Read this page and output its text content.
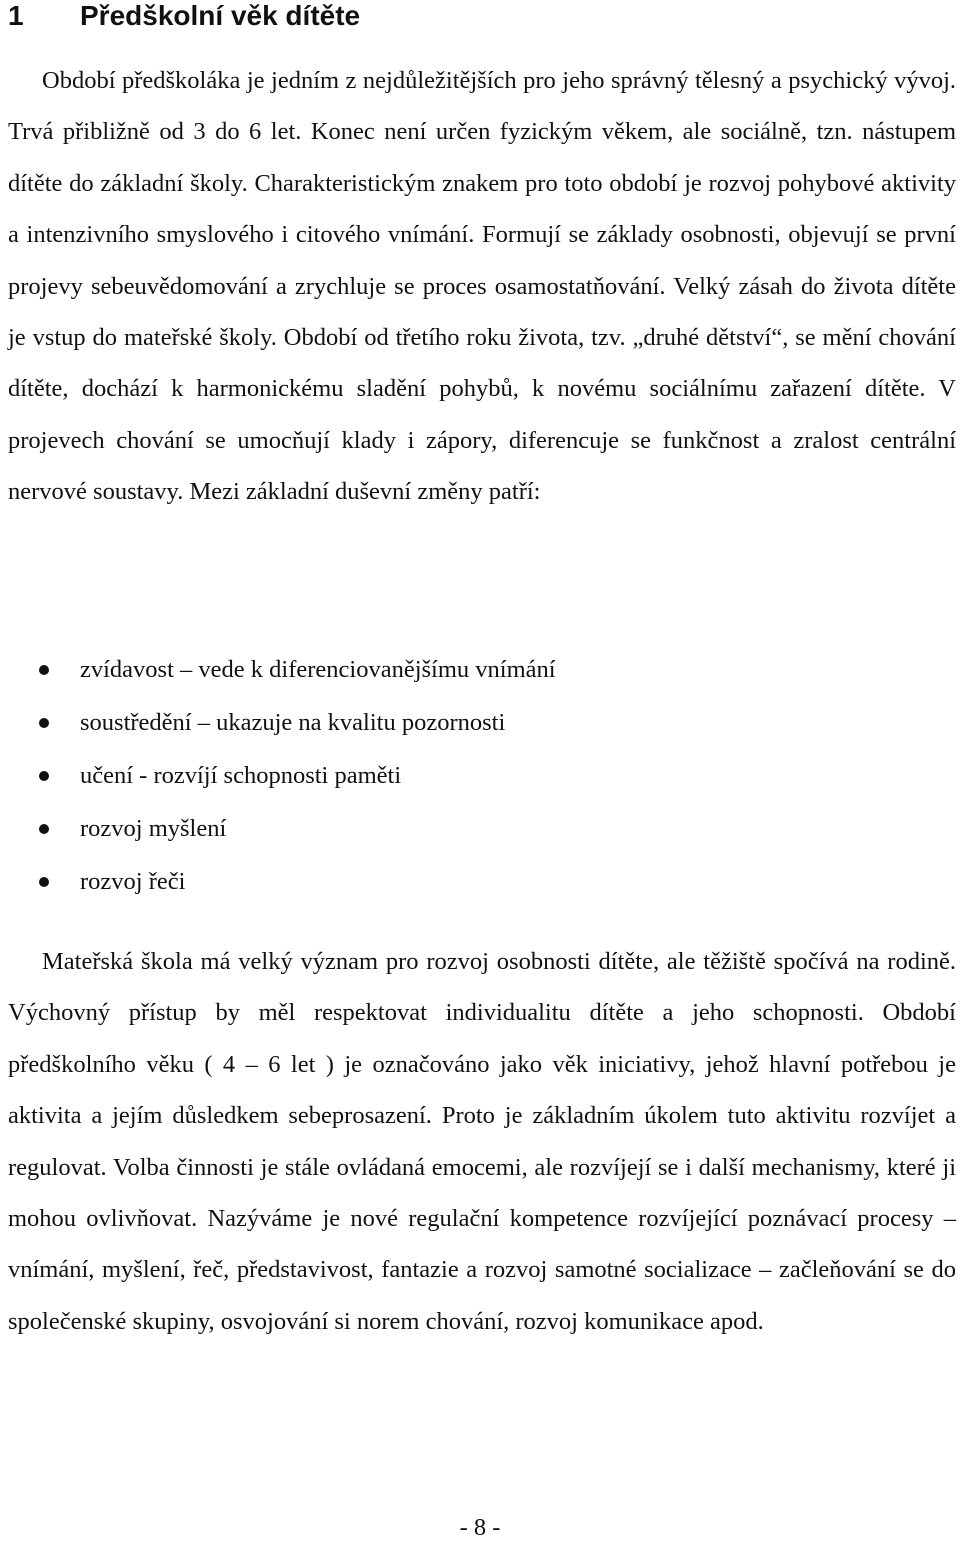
1 Předškolní věk dítěte

Období předškoláka je jedním z nejdůležitějších pro jeho správný tělesný a psychický vývoj. Trvá přibližně od 3 do 6 let. Konec není určen fyzickým věkem, ale sociálně, tzn. nástupem dítěte do základní školy. Charakteristickým znakem pro toto období je rozvoj pohybové aktivity a intenzivního smyslového i citového vnímání. Formují se základy osobnosti, objevují se první projevy sebeuvědomování a zrychluje se proces osamostatňování. Velký zásah do života dítěte je vstup do mateřské školy. Období od třetího roku života, tzv. „druhé dětství“, se mění chování dítěte, dochází k harmonickému sladění pohybů, k novému sociálnímu zařazení dítěte. V projevech chování se umocňují klady i zápory, diferencuje se funkčnost a zralost centrální nervové soustavy. Mezi základní duševní změny patří:

zvídavost – vede k diferenciovanějšímu vnímání
soustředění – ukazuje na kvalitu pozornosti
učení - rozvíjí schopnosti paměti
rozvoj myšlení
rozvoj řeči

Mateřská škola má velký význam pro rozvoj osobnosti dítěte, ale těžiště spočívá na rodině. Výchovný přístup by měl respektovat individualitu dítěte a jeho schopnosti. Období předškolního věku ( 4 – 6 let ) je označováno jako věk iniciativy, jehož hlavní potřebou je aktivita a jejím důsledkem sebeprosazení. Proto je základním úkolem tuto aktivitu rozvíjet a regulovat. Volba činnosti je stále ovládaná emocemi, ale rozvíjejí se i další mechanismy, které ji mohou ovlivňovat. Nazýváme je nové regulační kompetence rozvíjející poznávací procesy – vnímání, myšlení, řeč, představivost, fantazie a rozvoj samotné socializace – začleňování se do společenské skupiny, osvojování si norem chování, rozvoj komunikace apod.

- 8 -
